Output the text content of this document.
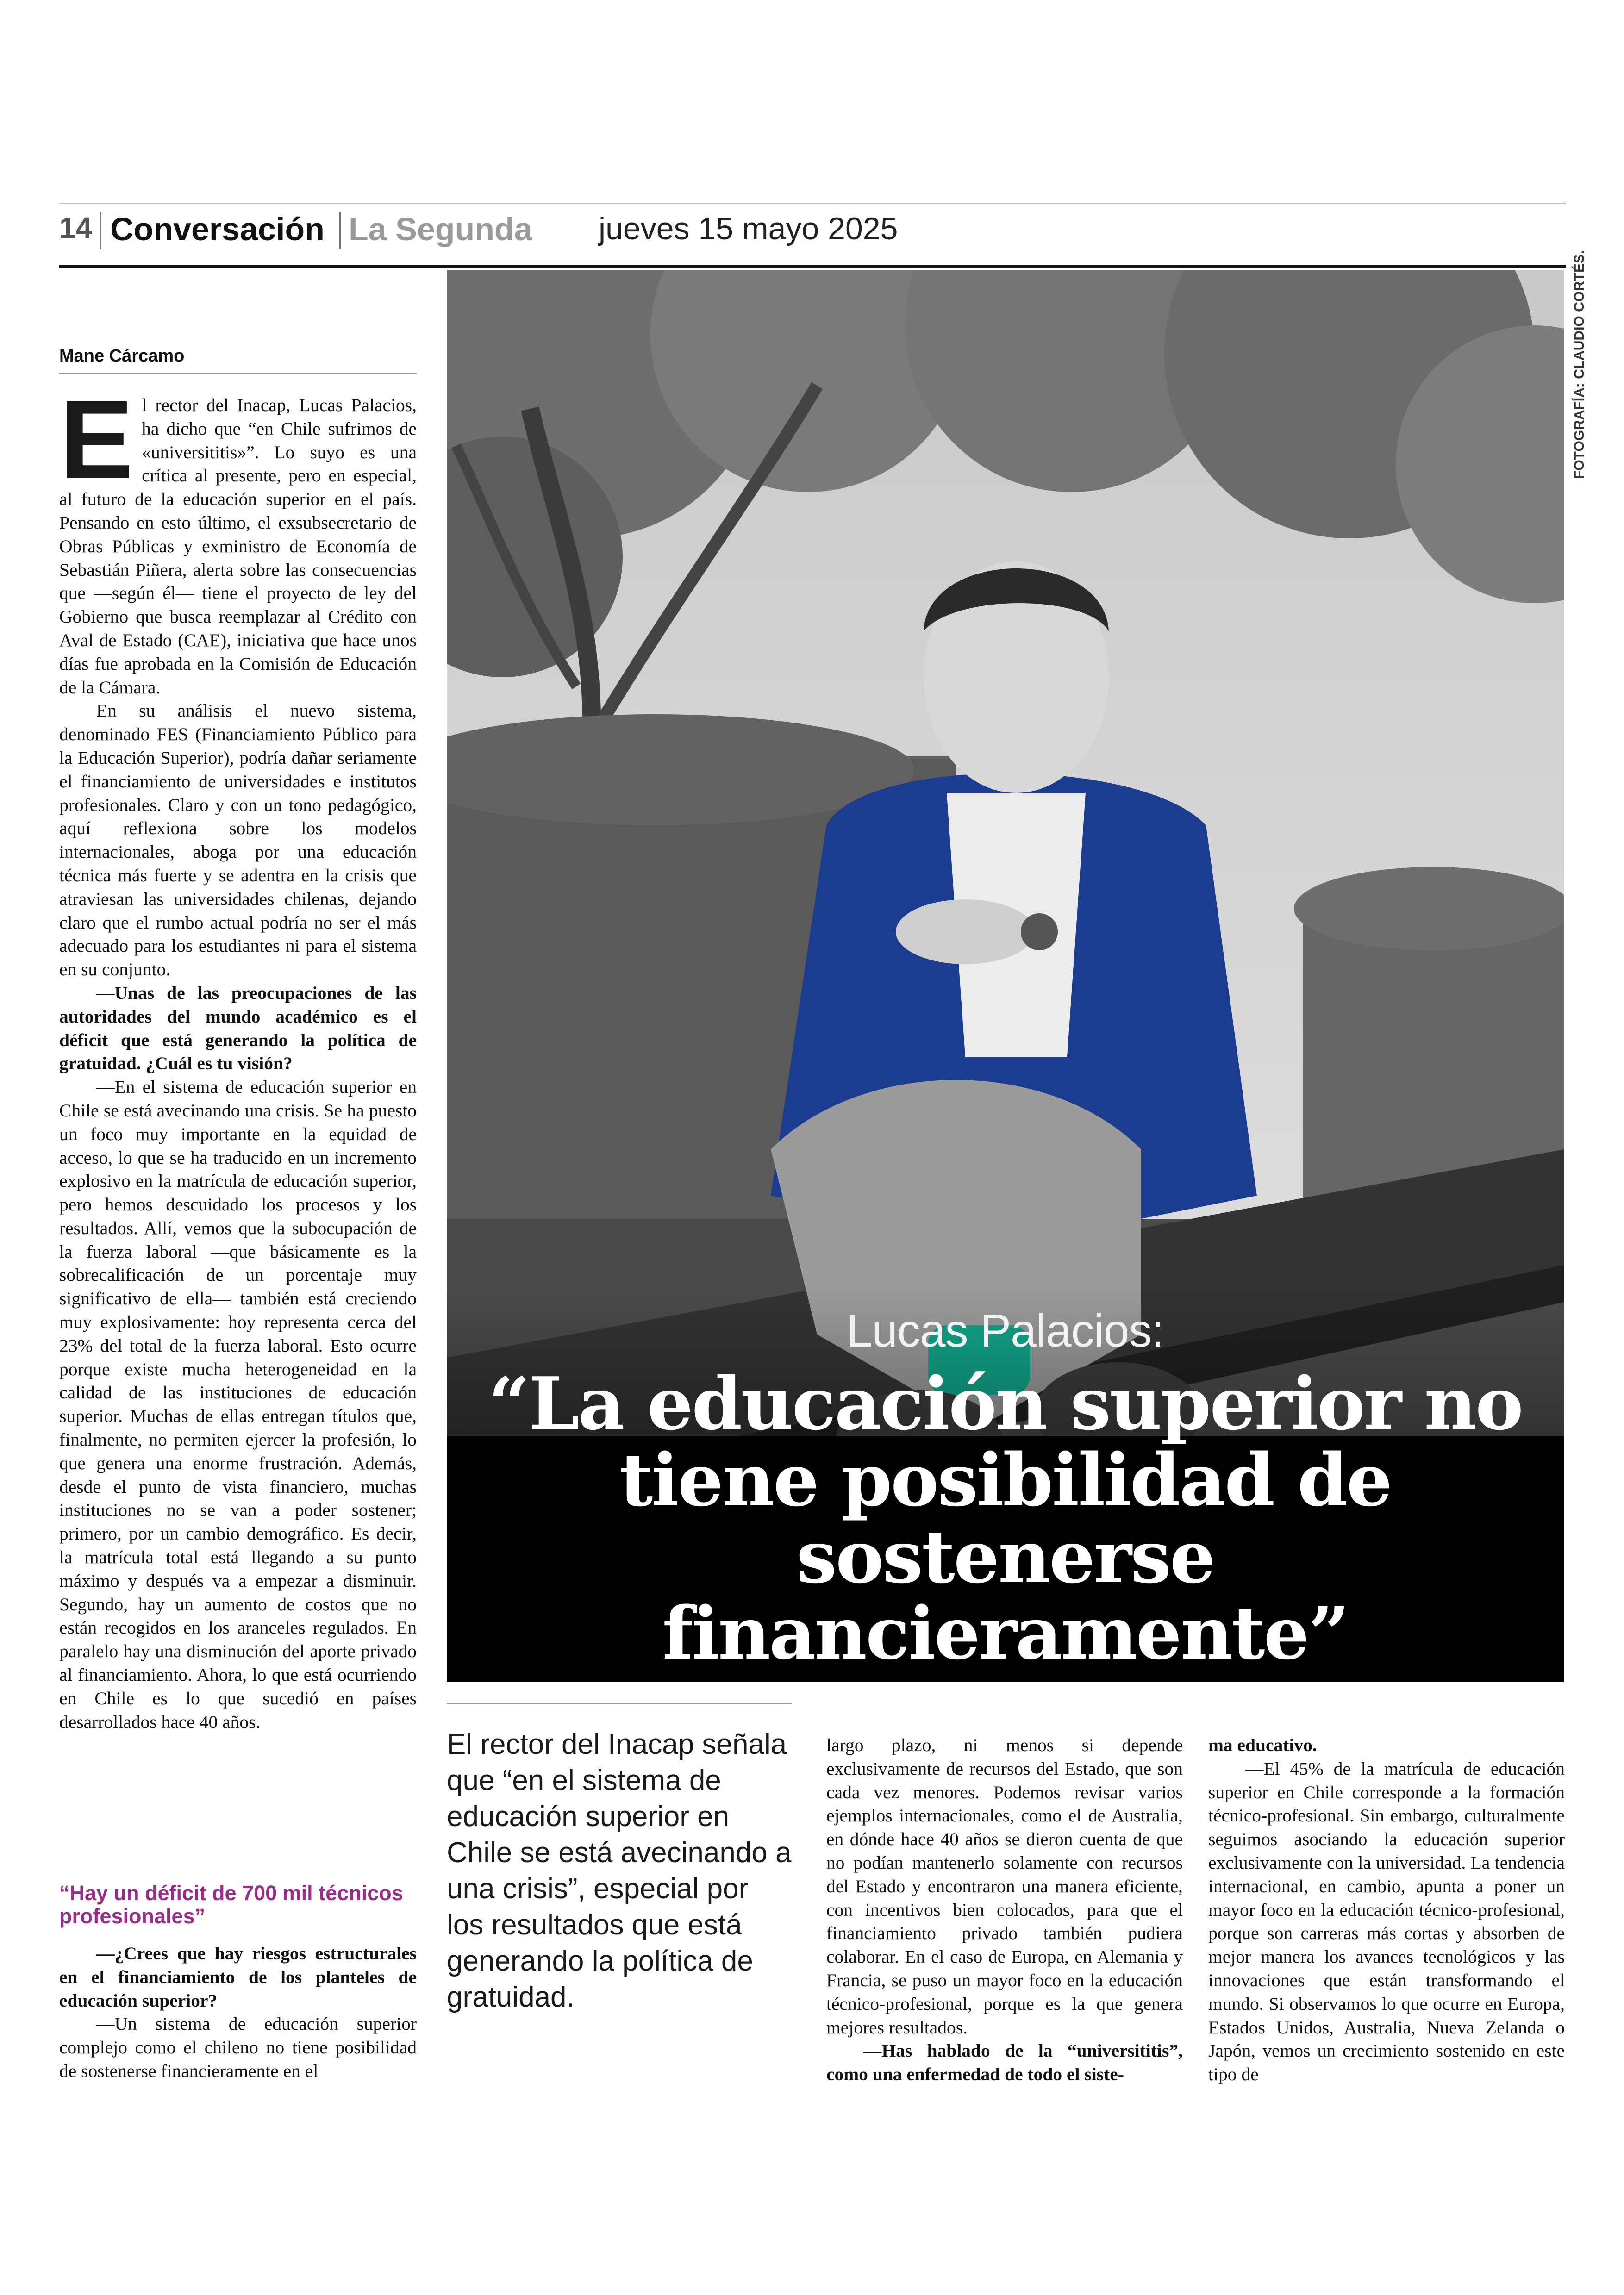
14 Conversación La Segunda jueves 15 mayo 2025
FOTOGRAFÍA: CLAUDIO CORTÉS.
Lucas Palacios:
“La educación superior no tiene posibilidad de sostenerse financieramente”
Mane Cárcamo

El rector del Inacap, Lucas Palacios, ha dicho que “en Chile sufrimos de «universititis»”. Lo suyo es una crítica al presente, pero en especial, al futuro de la educación superior en el país. Pensando en esto último, el exsubsecretario de Obras Públicas y exministro de Economía de Sebastián Piñera, alerta sobre las consecuencias que —según él— tiene el proyecto de ley del Gobierno que busca reemplazar al Crédito con Aval de Estado (CAE), iniciativa que hace unos días fue aprobada en la Comisión de Educación de la Cámara.

En su análisis el nuevo sistema, denominado FES (Financiamiento Público para la Educación Superior), podría dañar seriamente el financiamiento de universidades e institutos profesionales. Claro y con un tono pedagógico, aquí reflexiona sobre los modelos internacionales, aboga por una educación técnica más fuerte y se adentra en la crisis que atraviesan las universidades chilenas, dejando claro que el rumbo actual podría no ser el más adecuado para los estudiantes ni para el sistema en su conjunto.

—Unas de las preocupaciones de las autoridades del mundo académico es el déficit que está generando la política de gratuidad. ¿Cuál es tu visión?

—En el sistema de educación superior en Chile se está avecinando una crisis. Se ha puesto un foco muy importante en la equidad de acceso, lo que se ha traducido en un incremento explosivo en la matrícula de educación superior, pero hemos descuidado los procesos y los resultados. Allí, vemos que la subocupación de la fuerza laboral —que básicamente es la sobrecalificación de un porcentaje muy significativo de ella— también está creciendo muy explosivamente: hoy representa cerca del 23% del total de la fuerza laboral. Esto ocurre porque existe mucha heterogeneidad en la calidad de las instituciones de educación superior. Muchas de ellas entregan títulos que, finalmente, no permiten ejercer la profesión, lo que genera una enorme frustración. Además, desde el punto de vista financiero, muchas instituciones no se van a poder sostener; primero, por un cambio demográfico. Es decir, la matrícula total está llegando a su punto máximo y después va a empezar a disminuir. Segundo, hay un aumento de costos que no están recogidos en los aranceles regulados. En paralelo hay una disminución del aporte privado al financiamiento. Ahora, lo que está ocurriendo en Chile es lo que sucedió en países desarrollados hace 40 años.

“Hay un déficit de 700 mil técnicos profesionales”

—¿Crees que hay riesgos estructurales en el financiamiento de los planteles de educación superior?

—Un sistema de educación superior complejo como el chileno no tiene posibilidad de sostenerse financieramente en el

El rector del Inacap señala que “en el sistema de educación superior en Chile se está avecinando a una crisis”, especial por los resultados que está generando la política de gratuidad.

largo plazo, ni menos si depende exclusivamente de recursos del Estado, que son cada vez menores. Podemos revisar varios ejemplos internacionales, como el de Australia, en dónde hace 40 años se dieron cuenta de que no podían mantenerlo solamente con recursos del Estado y encontraron una manera eficiente, con incentivos bien colocados, para que el financiamiento privado también pudiera colaborar. En el caso de Europa, en Alemania y Francia, se puso un mayor foco en la educación técnico-profesional, porque es la que genera mejores resultados.

—Has hablado de la “universititis”, como una enfermedad de todo el siste-

ma educativo.

—El 45% de la matrícula de educación superior en Chile corresponde a la formación técnico-profesional. Sin embargo, culturalmente seguimos asociando la educación superior exclusivamente con la universidad. La tendencia internacional, en cambio, apunta a poner un mayor foco en la educación técnico-profesional, porque son carreras más cortas y absorben de mejor manera los avances tecnológicos y las innovaciones que están transformando el mundo. Si observamos lo que ocurre en Europa, Estados Unidos, Australia, Nueva Zelanda o Japón, vemos un crecimiento sostenido en este tipo de
